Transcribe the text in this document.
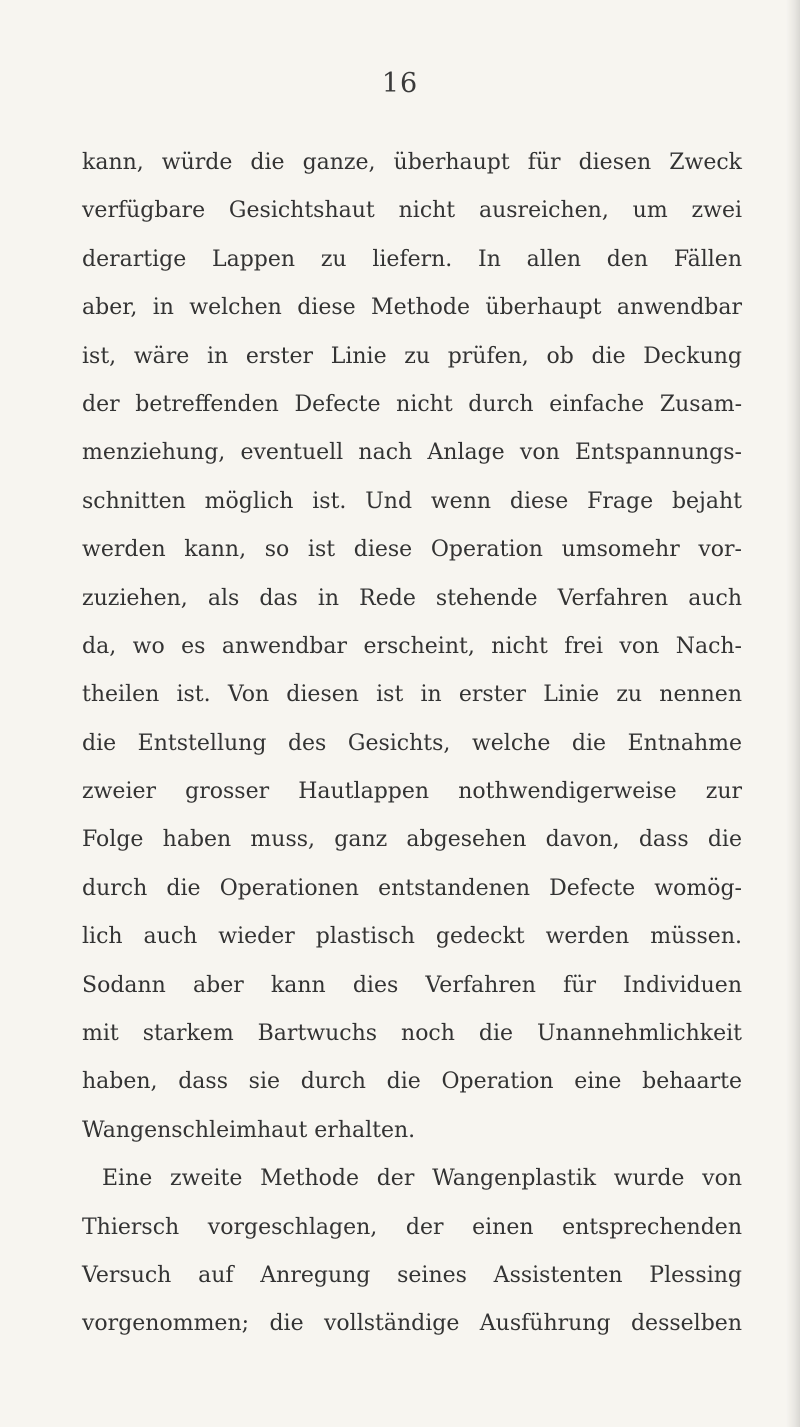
16
kann, würde die ganze, überhaupt für diesen Zweck
verfügbare Gesichtshaut nicht ausreichen, um zwei
derartige Lappen zu liefern. In allen den Fällen
aber, in welchen diese Methode überhaupt anwendbar
ist, wäre in erster Linie zu prüfen, ob die Deckung
der betreffenden Defecte nicht durch einfache Zusam-
menziehung, eventuell nach Anlage von Entspannungs-
schnitten möglich ist. Und wenn diese Frage bejaht
werden kann, so ist diese Operation umsomehr vor-
zuziehen, als das in Rede stehende Verfahren auch
da, wo es anwendbar erscheint, nicht frei von Nach-
theilen ist. Von diesen ist in erster Linie zu nennen
die Entstellung des Gesichts, welche die Entnahme
zweier grosser Hautlappen nothwendigerweise zur
Folge haben muss, ganz abgesehen davon, dass die
durch die Operationen entstandenen Defecte womög-
lich auch wieder plastisch gedeckt werden müssen.
Sodann aber kann dies Verfahren für Individuen
mit starkem Bartwuchs noch die Unannehmlichkeit
haben, dass sie durch die Operation eine behaarte
Wangenschleimhaut erhalten.
Eine zweite Methode der Wangenplastik wurde von
Thiersch vorgeschlagen, der einen entsprechenden
Versuch auf Anregung seines Assistenten Plessing
vorgenommen; die vollständige Ausführung desselben
